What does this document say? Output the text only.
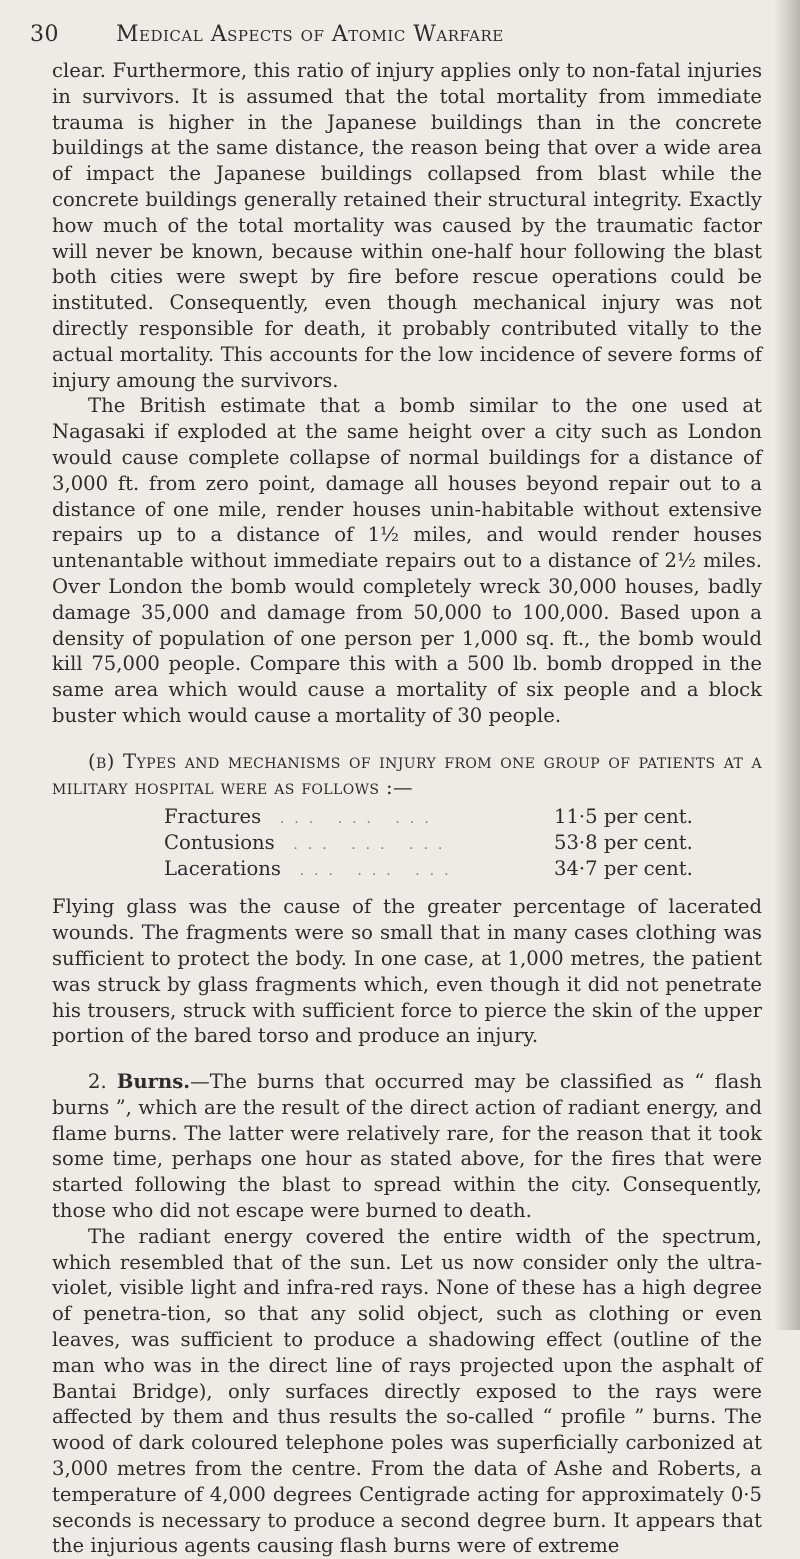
30	Medical Aspects of Atomic Warfare

clear. Furthermore, this ratio of injury applies only to non-fatal injuries in survivors. It is assumed that the total mortality from immediate trauma is higher in the Japanese buildings than in the concrete buildings at the same distance, the reason being that over a wide area of impact the Japanese buildings collapsed from blast while the concrete buildings generally retained their structural integrity. Exactly how much of the total mortality was caused by the traumatic factor will never be known, because within one-half hour following the blast both cities were swept by fire before rescue operations could be instituted. Consequently, even though mechanical injury was not directly responsible for death, it probably contributed vitally to the actual mortality. This accounts for the low incidence of severe forms of injury amoung the survivors.

The British estimate that a bomb similar to the one used at Nagasaki if exploded at the same height over a city such as London would cause complete collapse of normal buildings for a distance of 3,000 ft. from zero point, damage all houses beyond repair out to a distance of one mile, render houses unin-habitable without extensive repairs up to a distance of 1½ miles, and would render houses untenantable without immediate repairs out to a distance of 2½ miles. Over London the bomb would completely wreck 30,000 houses, badly damage 35,000 and damage from 50,000 to 100,000. Based upon a density of population of one person per 1,000 sq. ft., the bomb would kill 75,000 people. Compare this with a 500 lb. bomb dropped in the same area which would cause a mortality of six people and a block buster which would cause a mortality of 30 people.

(b) Types and mechanisms of injury from one group of patients at a military hospital were as follows :—

Fractures ... ... ...	11·5 per cent.
Contusions ... ... ...	53·8 per cent.
Lacerations ... ... ...	34·7 per cent.

Flying glass was the cause of the greater percentage of lacerated wounds. The fragments were so small that in many cases clothing was sufficient to protect the body. In one case, at 1,000 metres, the patient was struck by glass fragments which, even though it did not penetrate his trousers, struck with sufficient force to pierce the skin of the upper portion of the bared torso and produce an injury.

2. Burns.—The burns that occurred may be classified as “ flash burns ”, which are the result of the direct action of radiant energy, and flame burns. The latter were relatively rare, for the reason that it took some time, perhaps one hour as stated above, for the fires that were started following the blast to spread within the city. Consequently, those who did not escape were burned to death.

The radiant energy covered the entire width of the spectrum, which resembled that of the sun. Let us now consider only the ultra-violet, visible light and infra-red rays. None of these has a high degree of penetra-tion, so that any solid object, such as clothing or even leaves, was sufficient to produce a shadowing effect (outline of the man who was in the direct line of rays projected upon the asphalt of Bantai Bridge), only surfaces directly exposed to the rays were affected by them and thus results the so-called “ profile ” burns. The wood of dark coloured telephone poles was superficially carbonized at 3,000 metres from the centre. From the data of Ashe and Roberts, a temperature of 4,000 degrees Centigrade acting for approximately 0·5 seconds is necessary to produce a second degree burn. It appears that the injurious agents causing flash burns were of extreme
